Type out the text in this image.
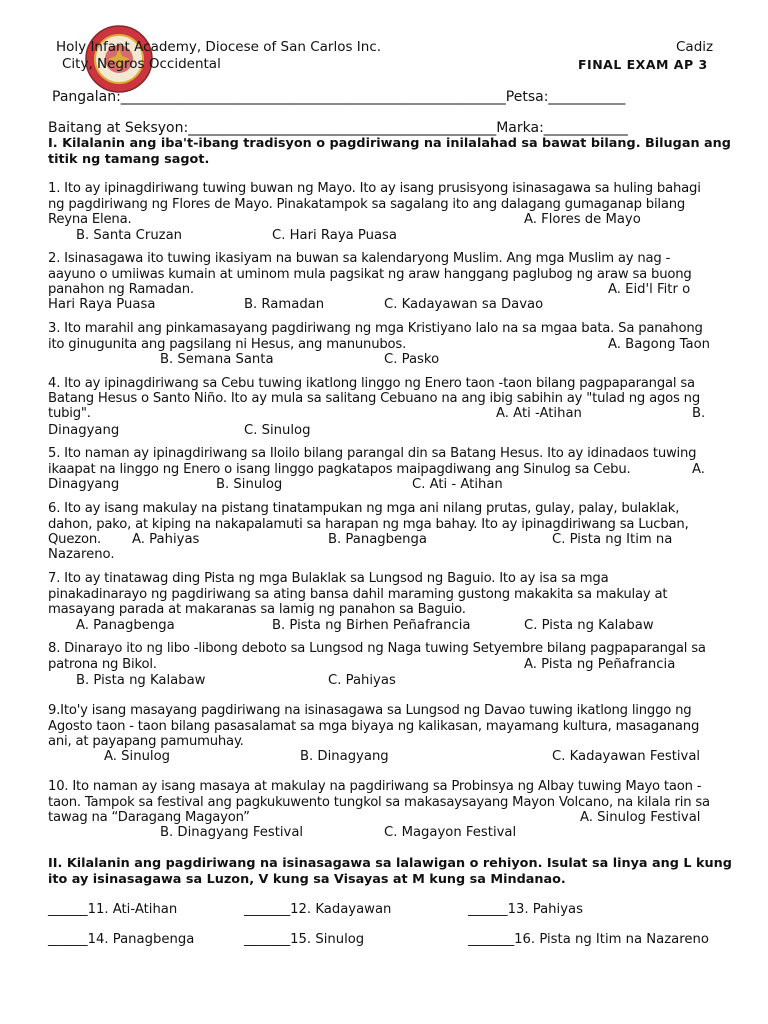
Holy Infant Academy, Diocese of San Carlos Inc.	Cadiz
City, Negros Occidental	FINAL EXAM AP 3
Pangalan:_______________________________________________________Petsa:___________
Baitang at Seksyon:____________________________________________Marka:____________
I. Kilalanin ang iba't-ibang tradisyon o pagdiriwang na inilalahad sa bawat bilang. Bilugan ang
titik ng tamang sagot.
1. Ito ay ipinagdiriwang tuwing buwan ng Mayo. Ito ay isang prusisyong isinasagawa sa huling bahagi
ng pagdiriwang ng Flores de Mayo. Pinakatampok sa sagalang ito ang dalagang gumaganap bilang
Reyna Elena.	A. Flores de Mayo
B. Santa Cruzan	C. Hari Raya Puasa
2. Isinasagawa ito tuwing ikasiyam na buwan sa kalendaryong Muslim. Ang mga Muslim ay nag -
aayuno o umiiwas kumain at uminom mula pagsikat ng araw hanggang paglubog ng araw sa buong
panahon ng Ramadan.	A. Eid'l Fitr o
Hari Raya Puasa	B. Ramadan	C. Kadayawan sa Davao
3. Ito marahil ang pinkamasayang pagdiriwang ng mga Kristiyano lalo na sa mgaa bata. Sa panahong
ito ginugunita ang pagsilang ni Hesus, ang manunubos.	A. Bagong Taon
B. Semana Santa	C. Pasko
4. Ito ay ipinagdiriwang sa Cebu tuwing ikatlong linggo ng Enero taon -taon bilang pagpaparangal sa
Batang Hesus o Santo Niño. Ito ay mula sa salitang Cebuano na ang ibig sabihin ay "tulad ng agos ng
tubig".	A. Ati -Atihan	B.
Dinagyang	C. Sinulog
5. Ito naman ay ipinagdiriwang sa Iloilo bilang parangal din sa Batang Hesus. Ito ay idinadaos tuwing
ikaapat na linggo ng Enero o isang linggo pagkatapos maipagdiwang ang Sinulog sa Cebu.	A.
Dinagyang	B. Sinulog	C. Ati - Atihan
6. Ito ay isang makulay na pistang tinatampukan ng mga ani nilang prutas, gulay, palay, bulaklak,
dahon, pako, at kiping na nakapalamuti sa harapan ng mga bahay. Ito ay ipinagdiriwang sa Lucban,
Quezon. A. Pahiyas	B. Panagbenga	C. Pista ng Itim na
Nazareno.
7. Ito ay tinatawag ding Pista ng mga Bulaklak sa Lungsod ng Baguio. Ito ay isa sa mga
pinakadinarayo ng pagdiriwang sa ating bansa dahil maraming gustong makakita sa makulay at
masayang parada at makaranas sa lamig ng panahon sa Baguio.
A. Panagbenga	B. Pista ng Birhen Peñafrancia	C. Pista ng Kalabaw
8. Dinarayo ito ng libo -libong deboto sa Lungsod ng Naga tuwing Setyembre bilang pagpaparangal sa
patrona ng Bikol.	A. Pista ng Peñafrancia
B. Pista ng Kalabaw	C. Pahiyas
9.Ito'y isang masayang pagdiriwang na isinasagawa sa Lungsod ng Davao tuwing ikatlong linggo ng
Agosto taon - taon bilang pasasalamat sa mga biyaya ng kalikasan, mayamang kultura, masaganang
ani, at payapang pamumuhay.
A. Sinulog	B. Dinagyang	C. Kadayawan Festival
10. Ito naman ay isang masaya at makulay na pagdiriwang sa Probinsya ng Albay tuwing Mayo taon -
taon. Tampok sa festival ang pagkukuwento tungkol sa makasaysayang Mayon Volcano, na kilala rin sa
tawag na “Daragang Magayon”	A. Sinulog Festival
B. Dinagyang Festival	C. Magayon Festival
II. Kilalanin ang pagdiriwang na isinasagawa sa lalawigan o rehiyon. Isulat sa linya ang L kung
ito ay isinasagawa sa Luzon, V kung sa Visayas at M kung sa Mindanao.
______11. Ati-Atihan	_______12. Kadayawan	______13. Pahiyas
______14. Panagbenga	_______15. Sinulog	_______16. Pista ng Itim na Nazareno
